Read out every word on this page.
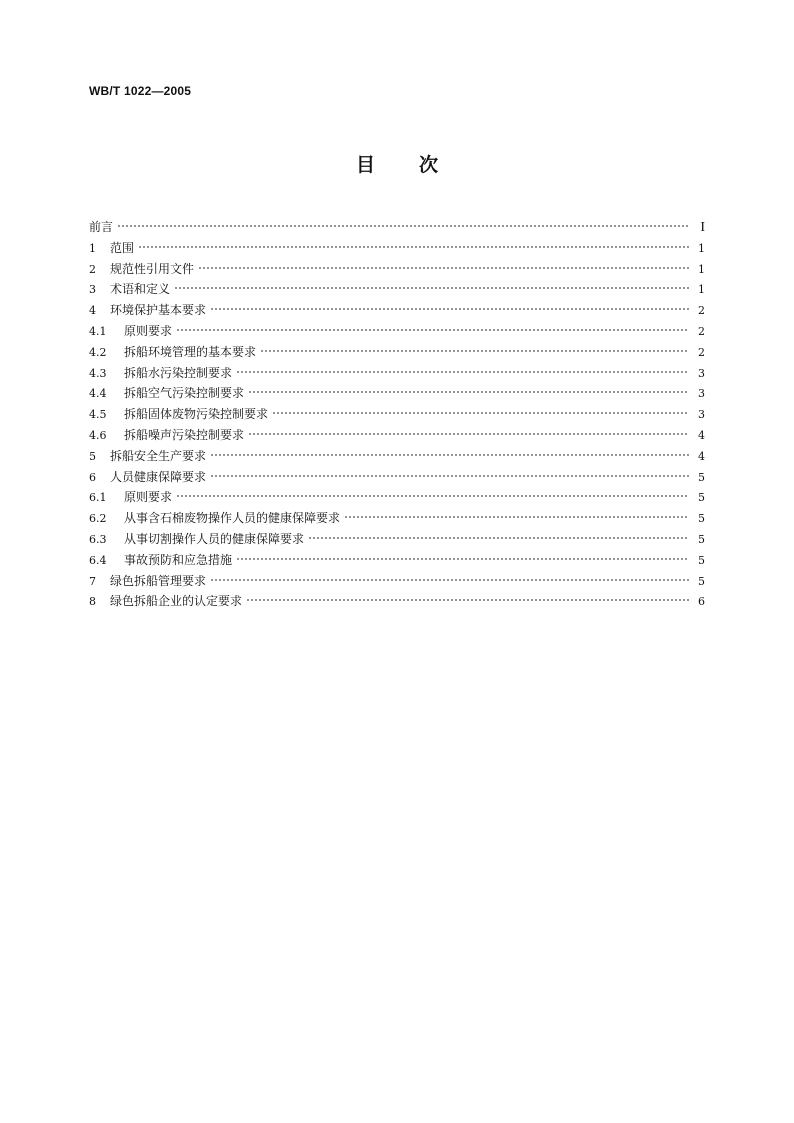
WB/T 1022—2005
目 次
前言	I
1	范围	1
2	规范性引用文件	1
3	术语和定义	1
4	环境保护基本要求	2
4.1	原则要求	2
4.2	拆船环境管理的基本要求	2
4.3	拆船水污染控制要求	3
4.4	拆船空气污染控制要求	3
4.5	拆船固体废物污染控制要求	3
4.6	拆船噪声污染控制要求	4
5	拆船安全生产要求	4
6	人员健康保障要求	5
6.1	原则要求	5
6.2	从事含石棉废物操作人员的健康保障要求	5
6.3	从事切割操作人员的健康保障要求	5
6.4	事故预防和应急措施	5
7	绿色拆船管理要求	5
8	绿色拆船企业的认定要求	6
